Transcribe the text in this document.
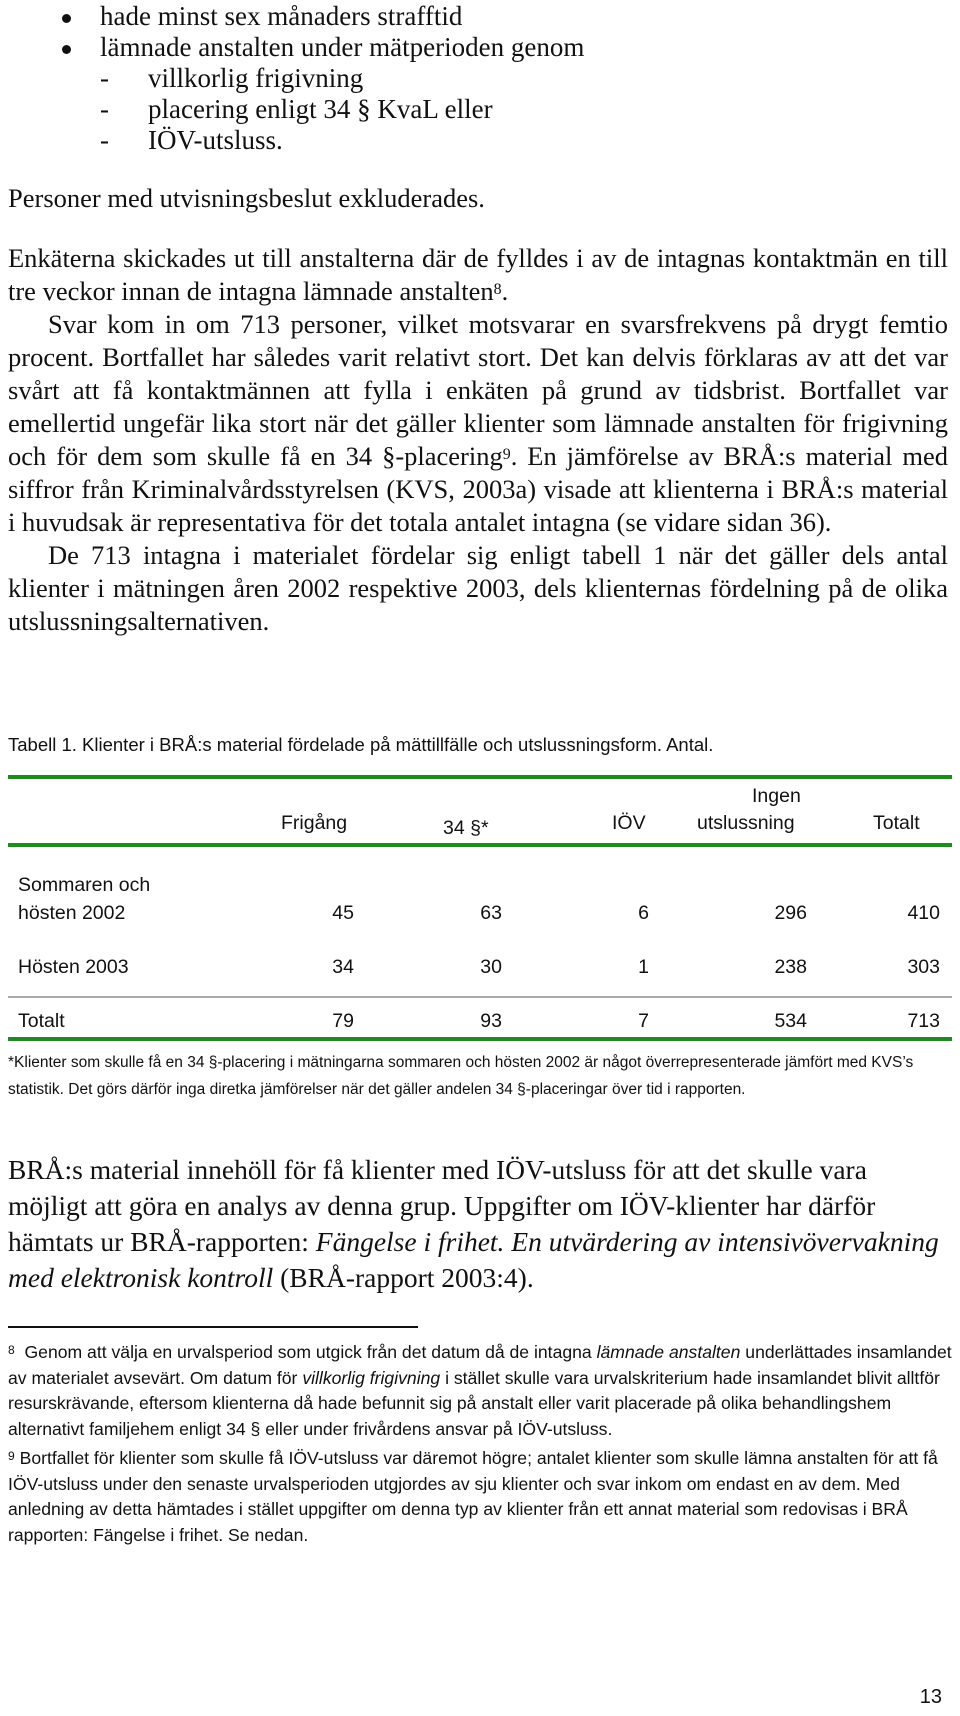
hade minst sex månaders strafftid
lämnade anstalten under mätperioden genom
- villkorlig frigivning
- placering enligt 34 § KvaL eller
- IÖV-utsluss.

Personer med utvisningsbeslut exkluderades.

Enkäterna skickades ut till anstalterna där de fylldes i av de intagnas kontaktmän en till tre veckor innan de intagna lämnade anstalten$^8$.

Svar kom in om 713 personer, vilket motsvarar en svarsfrekvens på drygt femtio procent. Bortfallet har således varit relativt stort. Det kan delvis förklaras av att det var svårt att få kontaktmännen att fylla i enkäten på grund av tidsbrist. Bortfallet var emellertid ungefär lika stort när det gäller klienter som lämnade anstalten för frigivning och för dem som skulle få en 34 §-placering$^9$. En jämförelse av BRÅ:s material med siffror från Kriminalvårdsstyrelsen (KVS, 2003a) visade att klienterna i BRÅ:s material i huvudsak är representativa för det totala antalet intagna (se vidare sidan 36).

De 713 intagna i materialet fördelar sig enligt tabell 1 när det gäller dels antal klienter i mätningen åren 2002 respektive 2003, dels klienternas fördelning på de olika utslussningsalternativen.

Tabell 1. Klienter i BRÅ:s material fördelade på mättillfälle och utslussningsform. Antal.
Frigång	34 §*	IÖV
Ingen
utslussning	Totalt
Sommaren och
hösten 2002	45	63	6	296	410
Hösten 2003	34	30	1	238	303
Totalt	79	93	7	534	713
*Klienter som skulle få en 34 §-placering i mätningarna sommaren och hösten 2002 är något överrepresenterade jämfört med KVS’s statistik. Det görs därför inga diretka jämförelser när det gäller andelen 34 §-placeringar över tid i rapporten.
BRÅ:s material innehöll för få klienter med IÖV-utsluss för att det skulle vara möjligt att göra en analys av denna grup. Uppgifter om IÖV-klienter har därför hämtats ur BRÅ-rapporten: Fängelse i frihet. En utvärdering av intensivövervakning med elektronisk kontroll (BRÅ-rapport 2003:4).

$^8$ Genom att välja en urvalsperiod som utgick från det datum då de intagna lämnade anstalten underlättades insamlandet av materialet avsevärt. Om datum för villkorlig frigivning i stället skulle vara urvalskriterium hade insamlandet blivit alltför resurskrävande, eftersom klienterna då hade befunnit sig på anstalt eller varit placerade på olika behandlingshem alternativt familjehem enligt 34 § eller under frivårdens ansvar på IÖV-utsluss.

$^9$ Bortfallet för klienter som skulle få IÖV-utsluss var däremot högre; antalet klienter som skulle lämna anstalten för att få IÖV-utsluss under den senaste urvalsperioden utgjordes av sju klienter och svar inkom om endast en av dem. Med anledning av detta hämtades i stället uppgifter om denna typ av klienter från ett annat material som redovisas i BRÅ rapporten: Fängelse i frihet. Se nedan.

13
